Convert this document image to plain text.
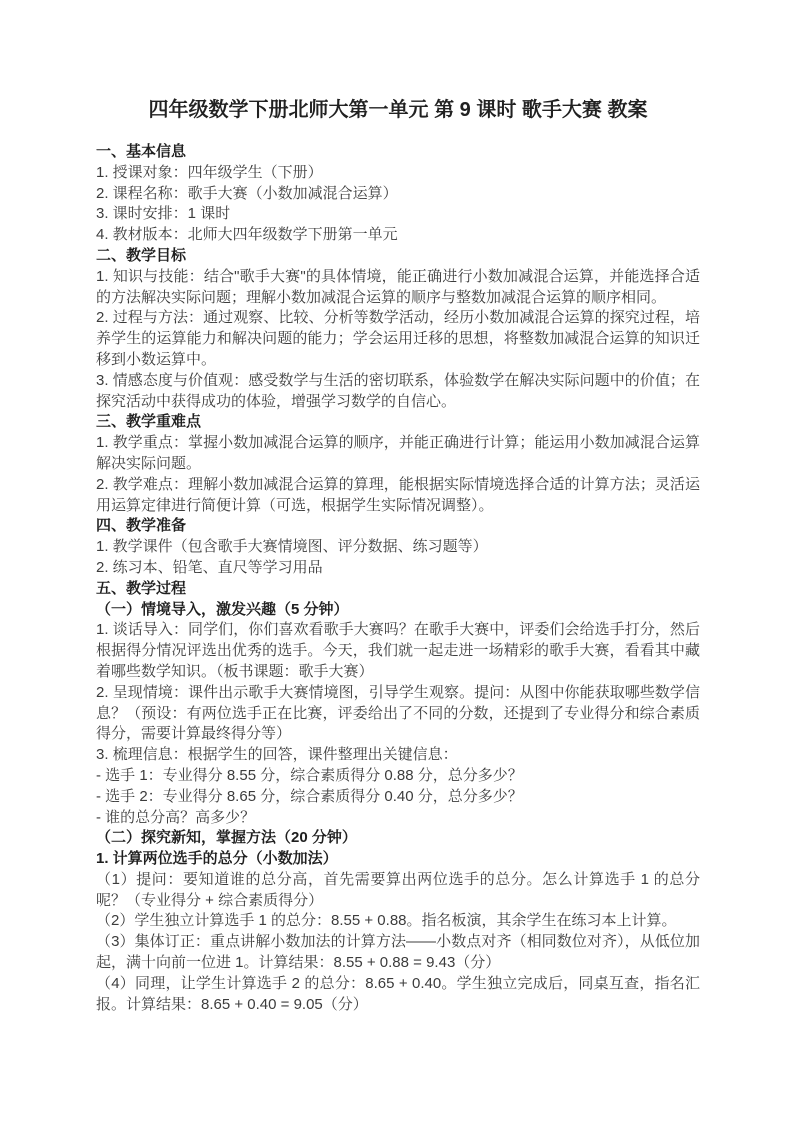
四年级数学下册北师大第一单元 第 9 课时 歌手大赛 教案

一、基本信息

1. 授课对象：四年级学生（下册）

2. 课程名称：歌手大赛（小数加减混合运算）

3. 课时安排：1 课时

4. 教材版本：北师大四年级数学下册第一单元

二、教学目标

1. 知识与技能：结合"歌手大赛"的具体情境，能正确进行小数加减混合运算，并能选择合适的方法解决实际问题；理解小数加减混合运算的顺序与整数加减混合运算的顺序相同。

2. 过程与方法：通过观察、比较、分析等数学活动，经历小数加减混合运算的探究过程，培养学生的运算能力和解决问题的能力；学会运用迁移的思想，将整数加减混合运算的知识迁移到小数运算中。

3. 情感态度与价值观：感受数学与生活的密切联系，体验数学在解决实际问题中的价值；在探究活动中获得成功的体验，增强学习数学的自信心。

三、教学重难点

1. 教学重点：掌握小数加减混合运算的顺序，并能正确进行计算；能运用小数加减混合运算解决实际问题。

2. 教学难点：理解小数加减混合运算的算理，能根据实际情境选择合适的计算方法；灵活运用运算定律进行简便计算（可选，根据学生实际情况调整）。

四、教学准备

1. 教学课件（包含歌手大赛情境图、评分数据、练习题等）

2. 练习本、铅笔、直尺等学习用品

五、教学过程

（一）情境导入，激发兴趣（5 分钟）

1. 谈话导入：同学们，你们喜欢看歌手大赛吗？在歌手大赛中，评委们会给选手打分，然后根据得分情况评选出优秀的选手。今天，我们就一起走进一场精彩的歌手大赛，看看其中藏着哪些数学知识。（板书课题：歌手大赛）

2. 呈现情境：课件出示歌手大赛情境图，引导学生观察。提问：从图中你能获取哪些数学信息？（预设：有两位选手正在比赛，评委给出了不同的分数，还提到了专业得分和综合素质得分，需要计算最终得分等）

3. 梳理信息：根据学生的回答，课件整理出关键信息：

- 选手 1：专业得分 8.55 分，综合素质得分 0.88 分，总分多少？

- 选手 2：专业得分 8.65 分，综合素质得分 0.40 分，总分多少？

- 谁的总分高？高多少？

（二）探究新知，掌握方法（20 分钟）

1. 计算两位选手的总分（小数加法）

（1）提问：要知道谁的总分高，首先需要算出两位选手的总分。怎么计算选手 1 的总分呢？（专业得分 + 综合素质得分）

（2）学生独立计算选手 1 的总分：8.55 + 0.88。指名板演，其余学生在练习本上计算。

（3）集体订正：重点讲解小数加法的计算方法——小数点对齐（相同数位对齐），从低位加起，满十向前一位进 1。计算结果：8.55 + 0.88 = 9.43（分）

（4）同理，让学生计算选手 2 的总分：8.65 + 0.40。学生独立完成后，同桌互查，指名汇报。计算结果：8.65 + 0.40 = 9.05（分）
